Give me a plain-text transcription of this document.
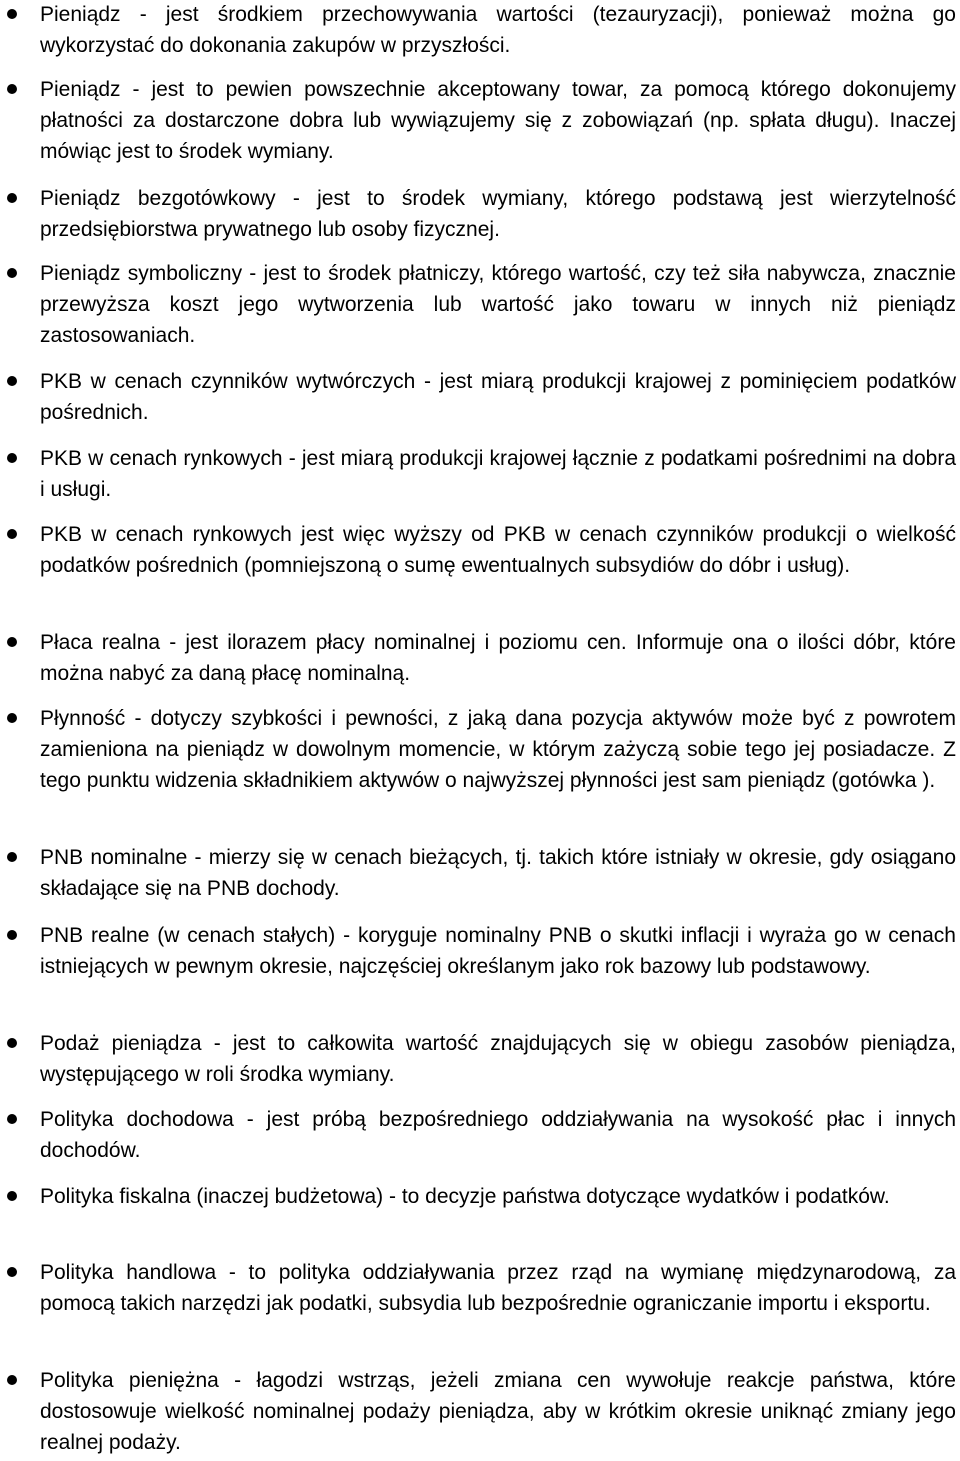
Pieniądz - jest środkiem przechowywania wartości (tezauryzacji), ponieważ można go wykorzystać do dokonania zakupów w przyszłości.
Pieniądz - jest to pewien powszechnie akceptowany towar, za pomocą którego dokonujemy płatności za dostarczone dobra lub wywiązujemy się z zobowiązań (np. spłata długu). Inaczej mówiąc jest to środek wymiany.
Pieniądz bezgotówkowy - jest to środek wymiany, którego podstawą jest wierzytelność przedsiębiorstwa prywatnego lub osoby fizycznej.
Pieniądz symboliczny - jest to środek płatniczy, którego wartość, czy też siła nabywcza, znacznie przewyższa koszt jego wytworzenia lub wartość jako towaru w innych niż pieniądz zastosowaniach.
PKB w cenach czynników wytwórczych - jest miarą produkcji krajowej z pominięciem podatków pośrednich.
PKB w cenach rynkowych - jest miarą produkcji krajowej łącznie z podatkami pośrednimi na dobra i usługi.
PKB w cenach rynkowych jest więc wyższy od PKB w cenach czynników produkcji o wielkość podatków pośrednich (pomniejszoną o sumę ewentualnych subsydiów do dóbr i usług).
Płaca realna - jest ilorazem płacy nominalnej i poziomu cen. Informuje ona o ilości dóbr, które można nabyć za daną płacę nominalną.
Płynność - dotyczy szybkości i pewności, z jaką dana pozycja aktywów może być z powrotem zamieniona na pieniądz w dowolnym momencie, w którym zażyczą sobie tego jej posiadacze. Z tego punktu widzenia składnikiem aktywów o najwyższej płynności jest sam pieniądz (gotówka ).
PNB nominalne - mierzy się w cenach bieżących, tj. takich które istniały w okresie, gdy osiągano składające się na PNB dochody.
PNB realne (w cenach stałych) - koryguje nominalny PNB o skutki inflacji i wyraża go w cenach istniejących w pewnym okresie, najczęściej określanym jako rok bazowy lub podstawowy.
Podaż pieniądza - jest to całkowita wartość znajdujących się w obiegu zasobów pieniądza, występującego w roli środka wymiany.
Polityka dochodowa - jest próbą bezpośredniego oddziaływania na wysokość płac i innych dochodów.
Polityka fiskalna (inaczej budżetowa) - to decyzje państwa dotyczące wydatków i podatków.
Polityka handlowa - to polityka oddziaływania przez rząd na wymianę międzynarodową, za pomocą takich narzędzi jak podatki, subsydia lub bezpośrednie ograniczanie importu i eksportu.
Polityka pieniężna - łagodzi wstrząs, jeżeli zmiana cen wywołuje reakcje państwa, które dostosowuje wielkość nominalnej podaży pieniądza, aby w krótkim okresie uniknąć zmiany jego realnej podaży.
